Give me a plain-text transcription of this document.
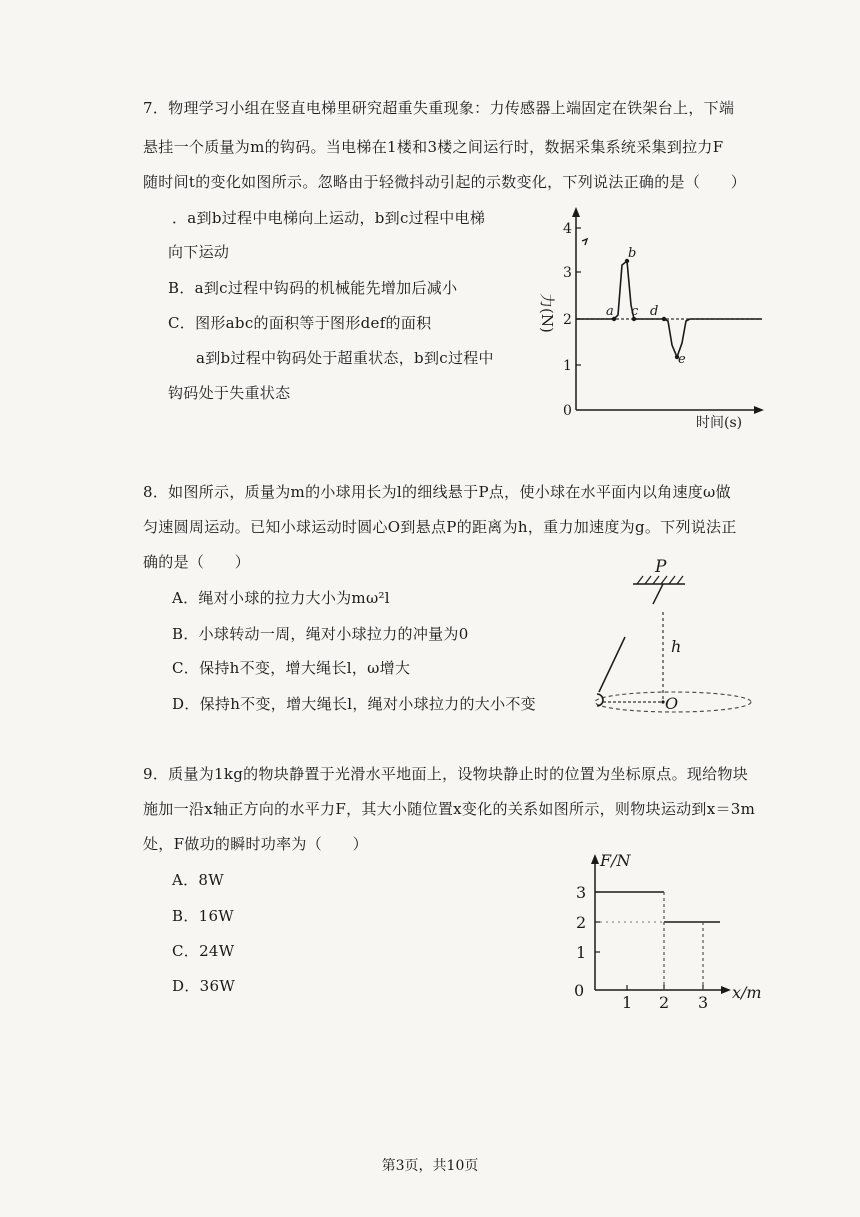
7．物理学习小组在竖直电梯里研究超重失重现象：力传感器上端固定在铁架台上，下端
悬挂一个质量为m的钩码。当电梯在1楼和3楼之间运行时，数据采集系统采集到拉力F
随时间t的变化如图所示。忽略由于轻微抖动引起的示数变化，下列说法正确的是（　　）
．a到b过程中电梯向上运动，b到c过程中电梯
向下运动
B．a到c过程中钩码的机械能先增加后减小
C．图形abc的面积等于图形def的面积
a到b过程中钩码处于超重状态，b到c过程中
钩码处于失重状态
4
3
2
1
0
力(N)
时间(s)
a
b
c d
e
8．如图所示，质量为m的小球用长为l的细线悬于P点，使小球在水平面内以角速度ω做
匀速圆周运动。已知小球运动时圆心O到悬点P的距离为h，重力加速度为g。下列说法正
确的是（　　）
A．绳对小球的拉力大小为mω²l
B．小球转动一周，绳对小球拉力的冲量为0
C．保持h不变，增大绳长l，ω增大
D．保持h不变，增大绳长l，绳对小球拉力的大小不变
P
h
O
9．质量为1kg的物块静置于光滑水平地面上，设物块静止时的位置为坐标原点。现给物块
施加一沿x轴正方向的水平力F，其大小随位置x变化的关系如图所示，则物块运动到x＝3m
处，F做功的瞬时功率为（　　）
A．8W
B．16W
C．24W
D．36W
F/N
x/m
3
2
1
0
1 2 3
第3页，共10页
